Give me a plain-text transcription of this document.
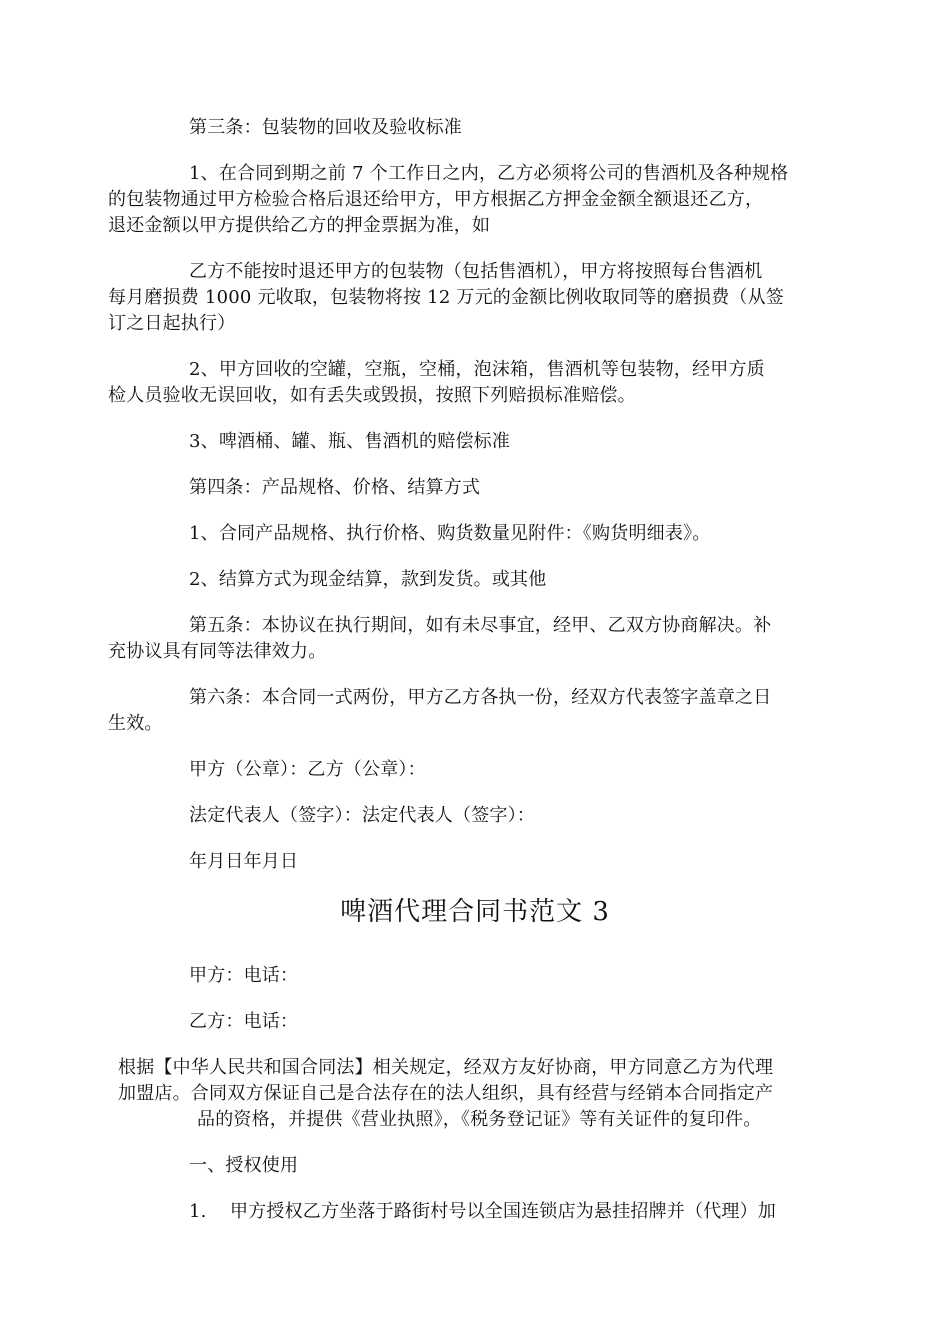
第三条：包装物的回收及验收标准
1、在合同到期之前 7 个工作日之内，乙方必须将公司的售酒机及各种规格
的包装物通过甲方检验合格后退还给甲方，甲方根据乙方押金金额全额退还乙方，
退还金额以甲方提供给乙方的押金票据为准，如
乙方不能按时退还甲方的包装物（包括售酒机），甲方将按照每台售酒机
每月磨损费 1000 元收取，包装物将按 12 万元的金额比例收取同等的磨损费（从签
订之日起执行）
2、甲方回收的空罐，空瓶，空桶，泡沫箱，售酒机等包装物，经甲方质
检人员验收无误回收，如有丢失或毁损，按照下列赔损标准赔偿。
3、啤酒桶、罐、瓶、售酒机的赔偿标准
第四条：产品规格、价格、结算方式
1、合同产品规格、执行价格、购货数量见附件：《购货明细表》。
2、结算方式为现金结算，款到发货。或其他
第五条：本协议在执行期间，如有未尽事宜，经甲、乙双方协商解决。补
充协议具有同等法律效力。
第六条：本合同一式两份，甲方乙方各执一份，经双方代表签字盖章之日
生效。
甲方（公章）：乙方（公章）：
法定代表人（签字）：法定代表人（签字）：
年月日年月日
啤酒代理合同书范文 3
甲方：电话：
乙方：电话：
根据【中华人民共和国合同法】相关规定，经双方友好协商，甲方同意乙方为代理
加盟店。合同双方保证自己是合法存在的法人组织，具有经营与经销本合同指定产
品的资格，并提供《营业执照》，《税务登记证》等有关证件的复印件。
一、授权使用
1. 甲方授权乙方坐落于路街村号以全国连锁店为悬挂招牌并（代理）加
